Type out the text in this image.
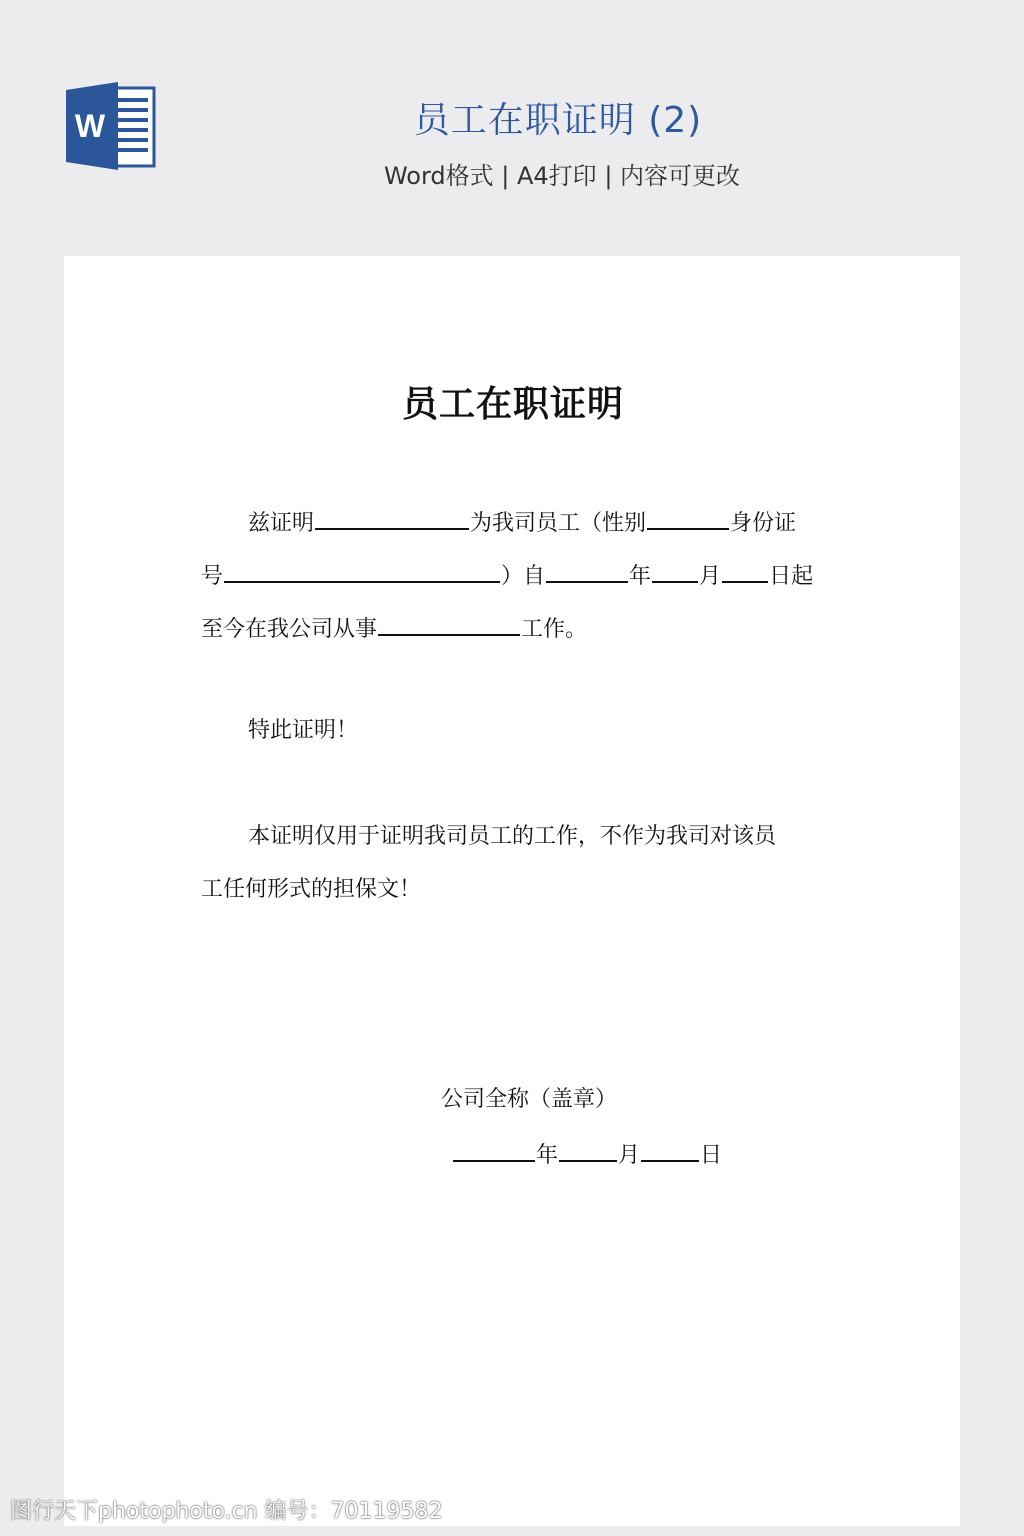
W	员工在职证明 (2)
Word格式 | A4打印 | 内容可更改
员工在职证明
兹证明	为我司员工（性别	身份证
号	）自	年 月 日起
至今在我公司从事	工作。
特此证明！
本证明仅用于证明我司员工的工作，不作为我司对该员
工任何形式的担保文！
公司全称（盖章）
年	月	日
图行天下photophoto.cn 编号：70119582
